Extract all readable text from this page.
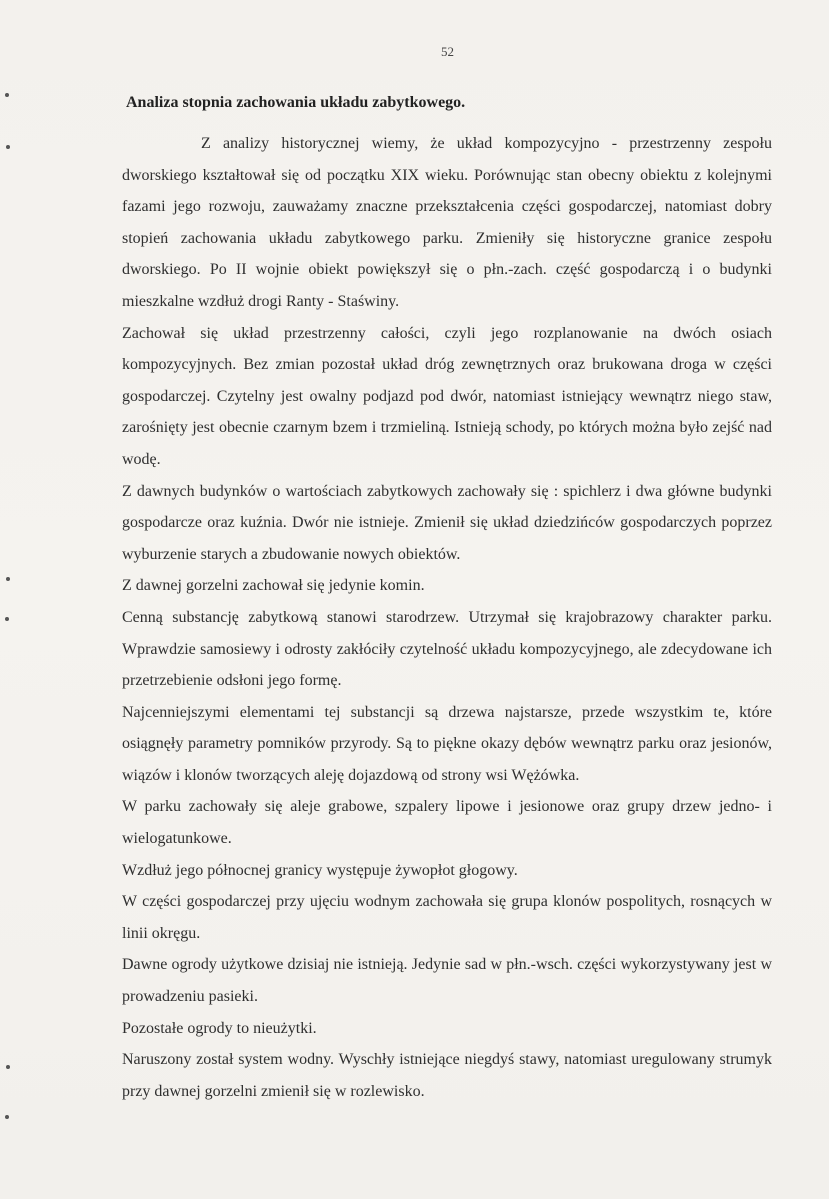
52
Analiza stopnia zachowania układu zabytkowego.

Z analizy historycznej wiemy, że układ kompozycyjno - przestrzenny zespołu dworskiego kształtował się od początku XIX wieku. Porównując stan obecny obiektu z kolejnymi fazami jego rozwoju, zauważamy znaczne przekształcenia części gospodarczej, natomiast dobry stopień zachowania układu zabytkowego parku. Zmieniły się historyczne granice zespołu dworskiego. Po II wojnie obiekt powiększył się o płn.-zach. część gospodarczą i o budynki mieszkalne wzdłuż drogi Ranty - Staświny.

Zachował się układ przestrzenny całości, czyli jego rozplanowanie na dwóch osiach kompozycyjnych. Bez zmian pozostał układ dróg zewnętrznych oraz brukowana droga w części gospodarczej. Czytelny jest owalny podjazd pod dwór, natomiast istniejący wewnątrz niego staw, zarośnięty jest obecnie czarnym bzem i trzmieliną. Istnieją schody, po których można było zejść nad wodę.

Z dawnych budynków o wartościach zabytkowych zachowały się : spichlerz i dwa główne budynki gospodarcze oraz kuźnia. Dwór nie istnieje. Zmienił się układ dziedzińców gospodarczych poprzez wyburzenie starych a zbudowanie nowych obiektów.

Z dawnej gorzelni zachował się jedynie komin.

Cenną substancję zabytkową stanowi starodrzew. Utrzymał się krajobrazowy charakter parku. Wprawdzie samosiewy i odrosty zakłóciły czytelność układu kompozycyjnego, ale zdecydowane ich przetrzebienie odsłoni jego formę.

Najcenniejszymi elementami tej substancji są drzewa najstarsze, przede wszystkim te, które osiągnęły parametry pomników przyrody. Są to piękne okazy dębów wewnątrz parku oraz jesionów, wiązów i klonów tworzących aleję dojazdową od strony wsi Wężówka.

W parku zachowały się aleje grabowe, szpalery lipowe i jesionowe oraz grupy drzew jedno- i wielogatunkowe.

Wzdłuż jego północnej granicy występuje żywopłot głogowy.

W części gospodarczej przy ujęciu wodnym zachowała się grupa klonów pospolitych, rosnących w linii okręgu.

Dawne ogrody użytkowe dzisiaj nie istnieją. Jedynie sad w płn.-wsch. części wykorzystywany jest w prowadzeniu pasieki.

Pozostałe ogrody to nieużytki.

Naruszony został system wodny. Wyschły istniejące niegdyś stawy, natomiast uregulowany strumyk przy dawnej gorzelni zmienił się w rozlewisko.
